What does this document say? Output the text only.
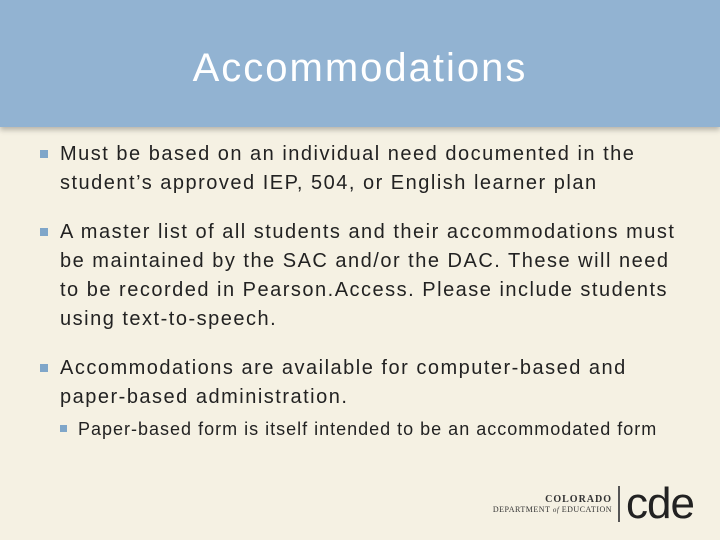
Accommodations
Must be based on an individual need documented in the student’s approved IEP, 504, or English learner plan
A master list of all students and their accommodations must be maintained by the SAC and/or the DAC. These will need to be recorded in Pearson.Access. Please include students using text-to-speech.
Accommodations are available for computer-based and paper-based administration.
Paper-based form is itself intended to be an accommodated form
COLORADO
DEPARTMENT of EDUCATION cde
